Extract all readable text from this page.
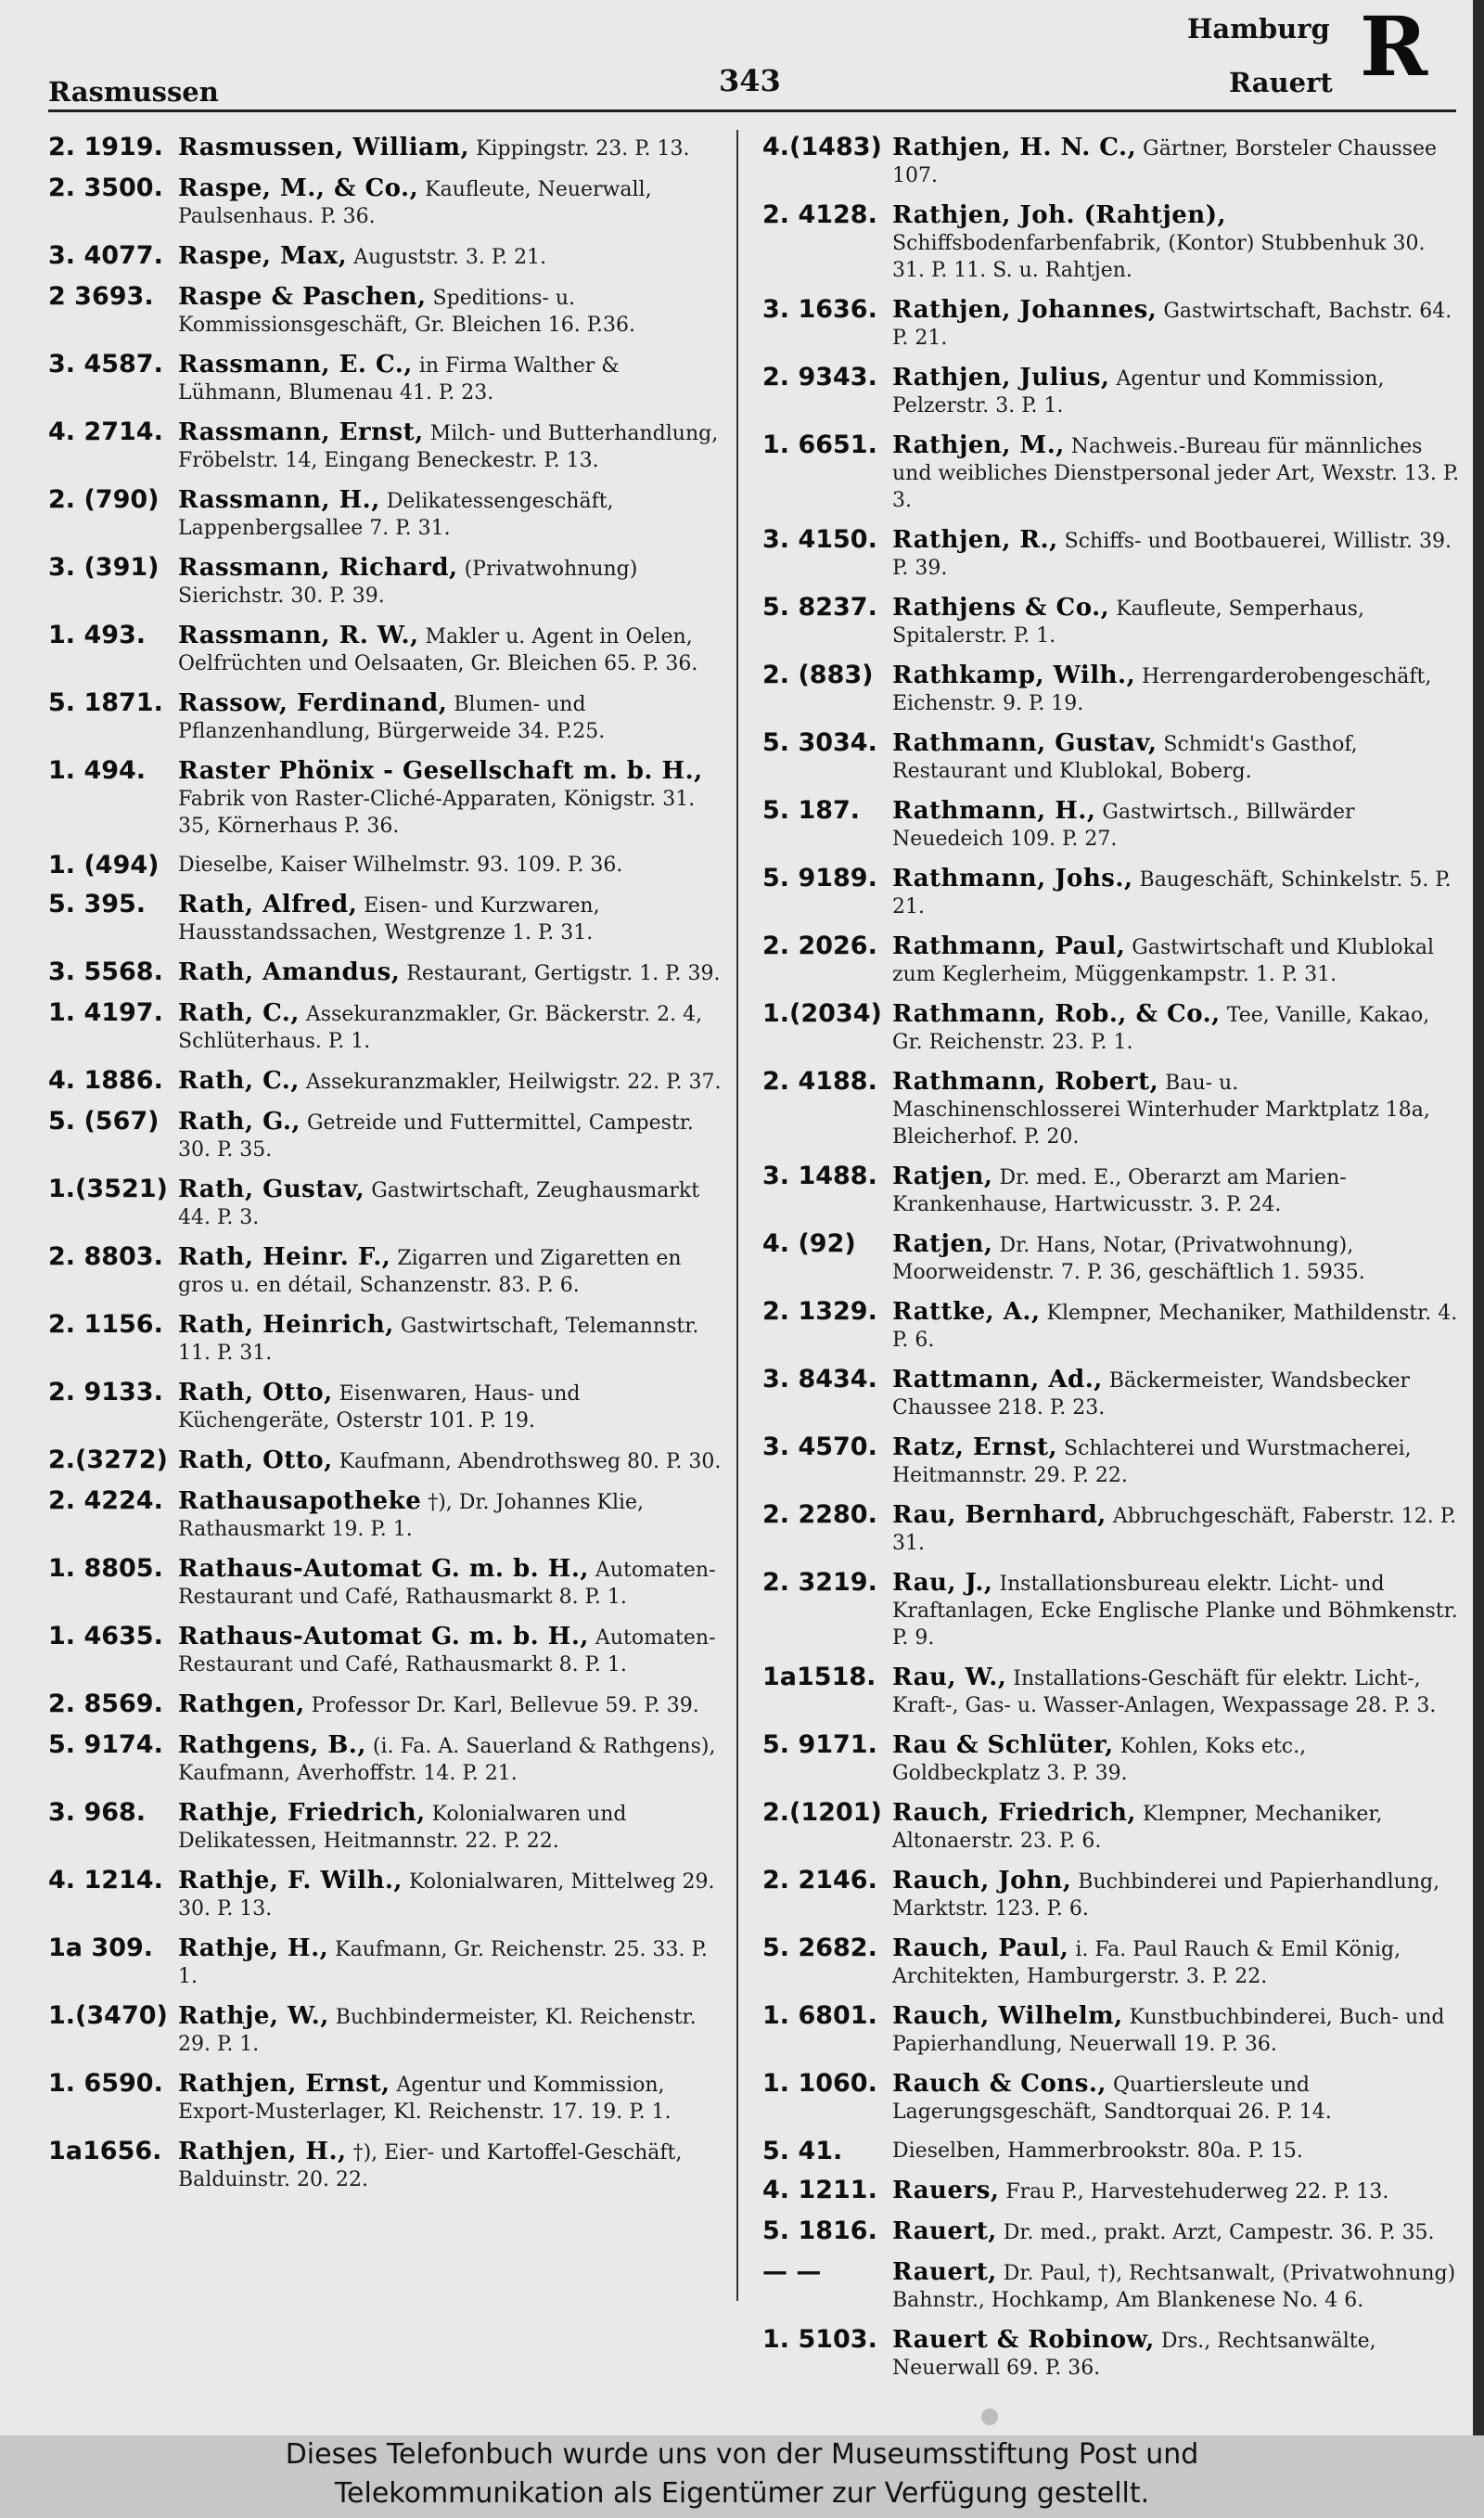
Rasmussen	343
Hamburg
Rauert R
2. 1919. Rasmussen, William, Kippingstr. 23. P. 13.
2. 3500. Raspe, M., & Co., Kaufleute, Neuerwall, Paulsenhaus. P. 36.
3. 4077. Raspe, Max, Auguststr. 3. P. 21.
2 3693.	Raspe & Paschen, Speditions- u. Kommissionsgeschäft, Gr. Bleichen 16. P.36.
3. 4587. Rassmann, E. C., in Firma Walther & Lühmann, Blumenau 41. P. 23.
4. 2714. Rassmann, Ernst, Milch- und Butterhandlung, Fröbelstr. 14, Eingang Beneckestr. P. 13.
2. (790) Rassmann, H., Delikatessengeschäft, Lappenbergsallee 7. P. 31.
3. (391) Rassmann, Richard, (Privatwohnung) Sierichstr. 30. P. 39.
1. 493.	Rassmann, R. W., Makler u. Agent in Oelen, Oelfrüchten und Oelsaaten, Gr. Bleichen 65. P. 36.
5. 1871. Rassow, Ferdinand, Blumen- und Pflanzenhandlung, Bürgerweide 34. P.25.
1. 494.	Raster Phönix - Gesellschaft m. b. H., Fabrik von Raster-Cliché-Apparaten, Königstr. 31. 35, Körnerhaus P. 36.
1. (494) Dieselbe, Kaiser Wilhelmstr. 93. 109. P. 36.
5. 395.	Rath, Alfred, Eisen- und Kurzwaren, Hausstandssachen, Westgrenze 1. P. 31.
3. 5568. Rath, Amandus, Restaurant, Gertigstr. 1. P. 39.
1. 4197. Rath, C., Assekuranzmakler, Gr. Bäckerstr. 2. 4, Schlüterhaus. P. 1.
4. 1886. Rath, C., Assekuranzmakler, Heilwigstr. 22. P. 37.
5. (567) Rath, G., Getreide und Futtermittel, Campestr. 30. P. 35.
1.(3521) Rath, Gustav, Gastwirtschaft, Zeughausmarkt 44. P. 3.
2. 8803. Rath, Heinr. F., Zigarren und Zigaretten en gros u. en détail, Schanzenstr. 83. P. 6.
2. 1156. Rath, Heinrich, Gastwirtschaft, Telemannstr. 11. P. 31.
2. 9133. Rath, Otto, Eisenwaren, Haus- und Küchengeräte, Osterstr 101. P. 19.
2.(3272) Rath, Otto, Kaufmann, Abendrothsweg 80. P. 30.
2. 4224. Rathausapotheke †), Dr. Johannes Klie, Rathausmarkt 19. P. 1.
1. 8805. Rathaus-Automat G. m. b. H., Automaten-Restaurant und Café, Rathausmarkt 8. P. 1.
1. 4635. Rathaus-Automat G. m. b. H., Automaten-Restaurant und Café, Rathausmarkt 8. P. 1.
2. 8569. Rathgen, Professor Dr. Karl, Bellevue 59. P. 39.
5. 9174. Rathgens, B., (i. Fa. A. Sauerland & Rathgens), Kaufmann, Averhoffstr. 14. P. 21.
3. 968.	Rathje, Friedrich, Kolonialwaren und Delikatessen, Heitmannstr. 22. P. 22.
4. 1214. Rathje, F. Wilh., Kolonialwaren, Mittelweg 29. 30. P. 13.
1a 309.	Rathje, H., Kaufmann, Gr. Reichenstr. 25. 33. P. 1.
1.(3470) Rathje, W., Buchbindermeister, Kl. Reichenstr. 29. P. 1.
1. 6590. Rathjen, Ernst, Agentur und Kommission, Export-Musterlager, Kl. Reichenstr. 17. 19. P. 1.
1a1656. Rathjen, H., †), Eier- und Kartoffel-Geschäft, Balduinstr. 20. 22.
4.(1483) Rathjen, H. N. C., Gärtner, Borsteler Chaussee 107.
2. 4128. Rathjen, Joh. (Rahtjen), Schiffsbodenfarbenfabrik, (Kontor) Stubbenhuk 30. 31. P. 11. S. u. Rahtjen.
3. 1636. Rathjen, Johannes, Gastwirtschaft, Bachstr. 64. P. 21.
2. 9343. Rathjen, Julius, Agentur und Kommission, Pelzerstr. 3. P. 1.
1. 6651. Rathjen, M., Nachweis.-Bureau für männliches und weibliches Dienstpersonal jeder Art, Wexstr. 13. P. 3.
3. 4150. Rathjen, R., Schiffs- und Bootbauerei, Willistr. 39. P. 39.
5. 8237. Rathjens & Co., Kaufleute, Semperhaus, Spitalerstr. P. 1.
2. (883) Rathkamp, Wilh., Herrengarderobengeschäft, Eichenstr. 9. P. 19.
5. 3034. Rathmann, Gustav, Schmidt's Gasthof, Restaurant und Klublokal, Boberg.
5. 187.	Rathmann, H., Gastwirtsch., Billwärder Neuedeich 109. P. 27.
5. 9189. Rathmann, Johs., Baugeschäft, Schinkelstr. 5. P. 21.
2. 2026. Rathmann, Paul, Gastwirtschaft und Klublokal zum Keglerheim, Müggenkampstr. 1. P. 31.
1.(2034) Rathmann, Rob., & Co., Tee, Vanille, Kakao, Gr. Reichenstr. 23. P. 1.
2. 4188. Rathmann, Robert, Bau- u. Maschinenschlosserei Winterhuder Marktplatz 18a, Bleicherhof. P. 20.
3. 1488. Ratjen, Dr. med. E., Oberarzt am Marien-Krankenhause, Hartwicusstr. 3. P. 24.
4. (92)	Ratjen, Dr. Hans, Notar, (Privatwohnung), Moorweidenstr. 7. P. 36, geschäftlich 1. 5935.
2. 1329. Rattke, A., Klempner, Mechaniker, Mathildenstr. 4. P. 6.
3. 8434. Rattmann, Ad., Bäckermeister, Wandsbecker Chaussee 218. P. 23.
3. 4570. Ratz, Ernst, Schlachterei und Wurstmacherei, Heitmannstr. 29. P. 22.
2. 2280. Rau, Bernhard, Abbruchgeschäft, Faberstr. 12. P. 31.
2. 3219. Rau, J., Installationsbureau elektr. Licht- und Kraftanlagen, Ecke Englische Planke und Böhmkenstr. P. 9.
1a1518. Rau, W., Installations-Geschäft für elektr. Licht-, Kraft-, Gas- u. Wasser-Anlagen, Wexpassage 28. P. 3.
5. 9171. Rau & Schlüter, Kohlen, Koks etc., Goldbeckplatz 3. P. 39.
2.(1201) Rauch, Friedrich, Klempner, Mechaniker, Altonaerstr. 23. P. 6.
2. 2146. Rauch, John, Buchbinderei und Papierhandlung, Marktstr. 123. P. 6.
5. 2682. Rauch, Paul, i. Fa. Paul Rauch & Emil König, Architekten, Hamburgerstr. 3. P. 22.
1. 6801. Rauch, Wilhelm, Kunstbuchbinderei, Buch- und Papierhandlung, Neuerwall 19. P. 36.
1. 1060. Rauch & Cons., Quartiersleute und Lagerungsgeschäft, Sandtorquai 26. P. 14.
5. 41.	Dieselben, Hammerbrookstr. 80a. P. 15.
4. 1211. Rauers, Frau P., Harvestehuderweg 22. P. 13.
5. 1816. Rauert, Dr. med., prakt. Arzt, Campestr. 36. P. 35.
— —	Rauert, Dr. Paul, †), Rechtsanwalt, (Privatwohnung) Bahnstr., Hochkamp, Am Blankenese No. 4 6.
1. 5103. Rauert & Robinow, Drs., Rechtsanwälte, Neuerwall 69. P. 36.

Dieses Telefonbuch wurde uns von der Museumsstiftung Post und

Telekommunikation als Eigentümer zur Verfügung gestellt.
